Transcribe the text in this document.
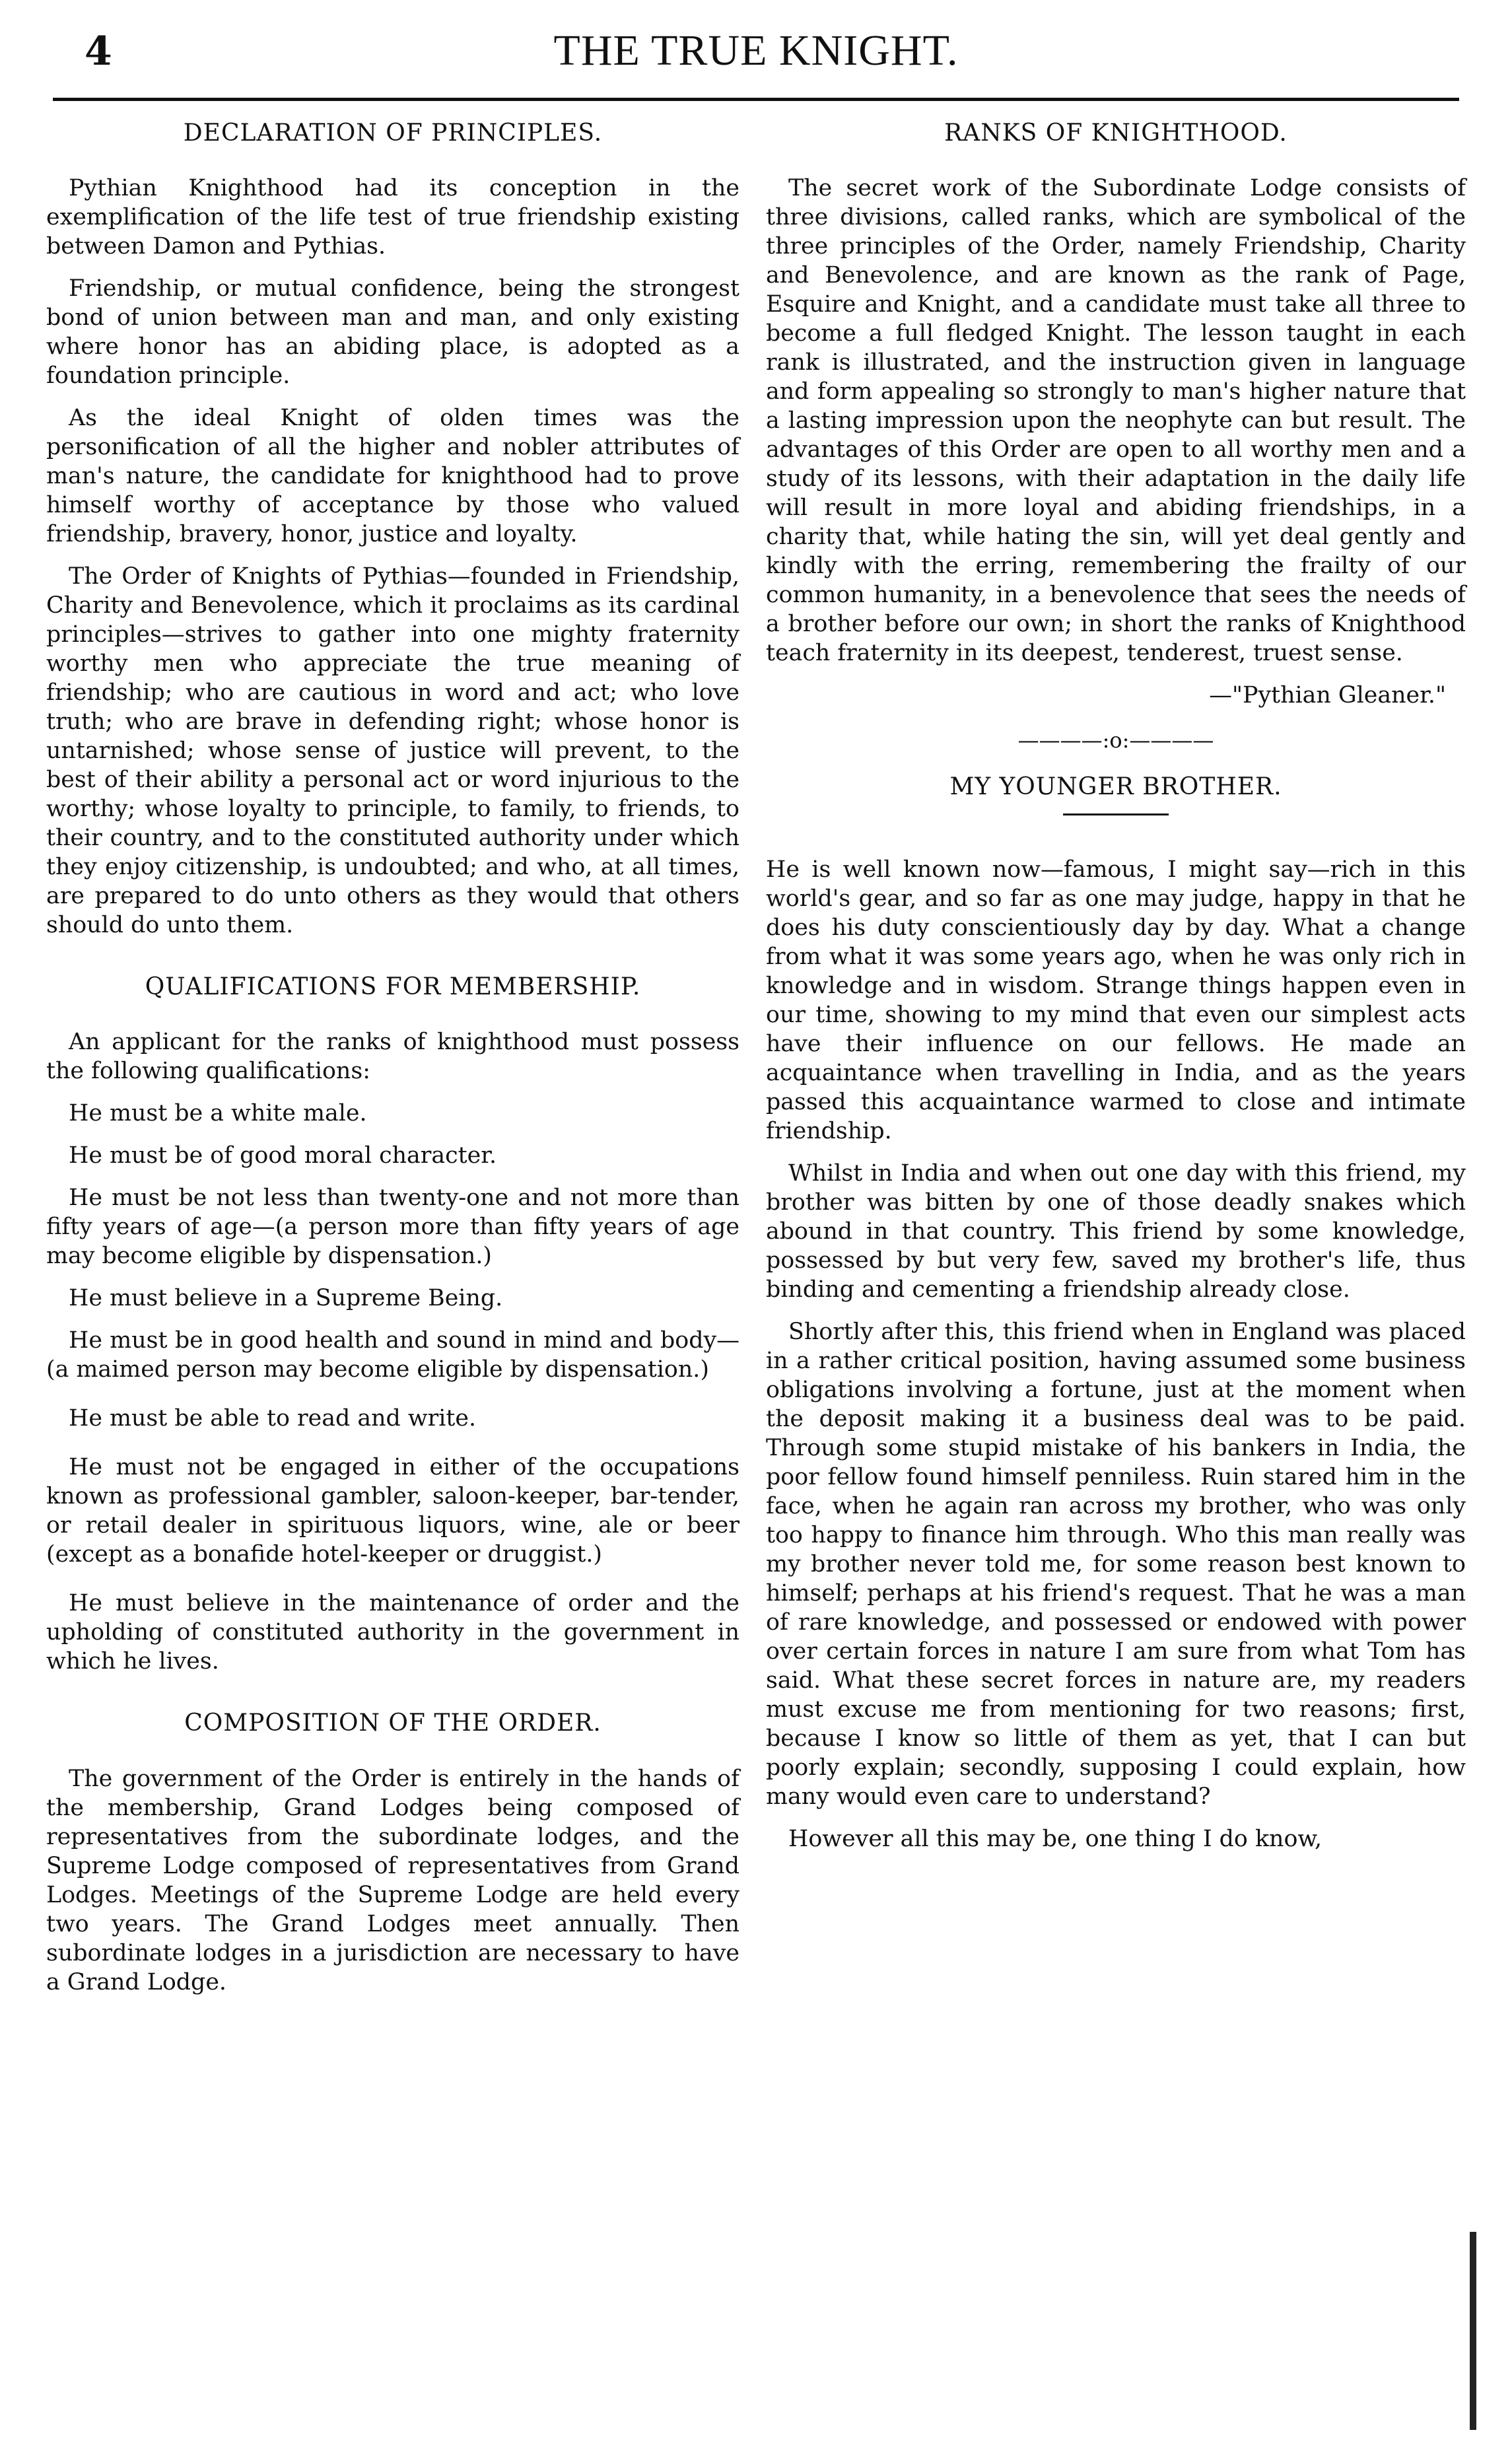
4	THE TRUE KNIGHT.
DECLARATION OF PRINCIPLES.

Pythian Knighthood had its conception in the exemplification of the life test of true friendship existing between Damon and Pythias.

Friendship, or mutual confidence, being the strongest bond of union between man and man, and only existing where honor has an abiding place, is adopted as a foundation principle.

As the ideal Knight of olden times was the personification of all the higher and nobler attributes of man's nature, the candidate for knighthood had to prove himself worthy of acceptance by those who valued friendship, bravery, honor, justice and loyalty.

The Order of Knights of Pythias—founded in Friendship, Charity and Benevolence, which it proclaims as its cardinal principles—strives to gather into one mighty fraternity worthy men who appreciate the true meaning of friendship; who are cautious in word and act; who love truth; who are brave in defending right; whose honor is untarnished; whose sense of justice will prevent, to the best of their ability a personal act or word injurious to the worthy; whose loyalty to principle, to family, to friends, to their country, and to the constituted authority under which they enjoy citizenship, is undoubted; and who, at all times, are prepared to do unto others as they would that others should do unto them.

QUALIFICATIONS FOR MEMBERSHIP.

An applicant for the ranks of knighthood must possess the following qualifications:

He must be a white male.

He must be of good moral character.

He must be not less than twenty-one and not more than fifty years of age—(a person more than fifty years of age may become eligible by dispensation.)

He must believe in a Supreme Being.

He must be in good health and sound in mind and body—(a maimed person may become eligible by dispensation.)

He must be able to read and write.

He must not be engaged in either of the occupations known as professional gambler, saloon-keeper, bar-tender, or retail dealer in spirituous liquors, wine, ale or beer (except as a bonafide hotel-keeper or druggist.)

He must believe in the maintenance of order and the upholding of constituted authority in the government in which he lives.

COMPOSITION OF THE ORDER.

The government of the Order is entirely in the hands of the membership, Grand Lodges being composed of representatives from the subordinate lodges, and the Supreme Lodge composed of representatives from Grand Lodges. Meetings of the Supreme Lodge are held every two years. The Grand Lodges meet annually. Then subordinate lodges in a jurisdiction are necessary to have a Grand Lodge.

RANKS OF KNIGHTHOOD.

The secret work of the Subordinate Lodge consists of three divisions, called ranks, which are symbolical of the three principles of the Order, namely Friendship, Charity and Benevolence, and are known as the rank of Page, Esquire and Knight, and a candidate must take all three to become a full fledged Knight. The lesson taught in each rank is illustrated, and the instruction given in language and form appealing so strongly to man's higher nature that a lasting impression upon the neophyte can but result. The advantages of this Order are open to all worthy men and a study of its lessons, with their adaptation in the daily life will result in more loyal and abiding friendships, in a charity that, while hating the sin, will yet deal gently and kindly with the erring, remembering the frailty of our common humanity, in a benevolence that sees the needs of a brother before our own; in short the ranks of Knighthood teach fraternity in its deepest, tenderest, truest sense.

—"Pythian Gleaner."
————:o:————
MY YOUNGER BROTHER.

He is well known now—famous, I might say—rich in this world's gear, and so far as one may judge, happy in that he does his duty conscientiously day by day. What a change from what it was some years ago, when he was only rich in knowledge and in wisdom. Strange things happen even in our time, showing to my mind that even our simplest acts have their influence on our fellows. He made an acquaintance when travelling in India, and as the years passed this acquaintance warmed to close and intimate friendship.

Whilst in India and when out one day with this friend, my brother was bitten by one of those deadly snakes which abound in that country. This friend by some knowledge, possessed by but very few, saved my brother's life, thus binding and cementing a friendship already close.

Shortly after this, this friend when in England was placed in a rather critical position, having assumed some business obligations involving a fortune, just at the moment when the deposit making it a business deal was to be paid. Through some stupid mistake of his bankers in India, the poor fellow found himself penniless. Ruin stared him in the face, when he again ran across my brother, who was only too happy to finance him through. Who this man really was my brother never told me, for some reason best known to himself; perhaps at his friend's request. That he was a man of rare knowledge, and possessed or endowed with power over certain forces in nature I am sure from what Tom has said. What these secret forces in nature are, my readers must excuse me from mentioning for two reasons; first, because I know so little of them as yet, that I can but poorly explain; secondly, supposing I could explain, how many would even care to understand?

However all this may be, one thing I do know,
